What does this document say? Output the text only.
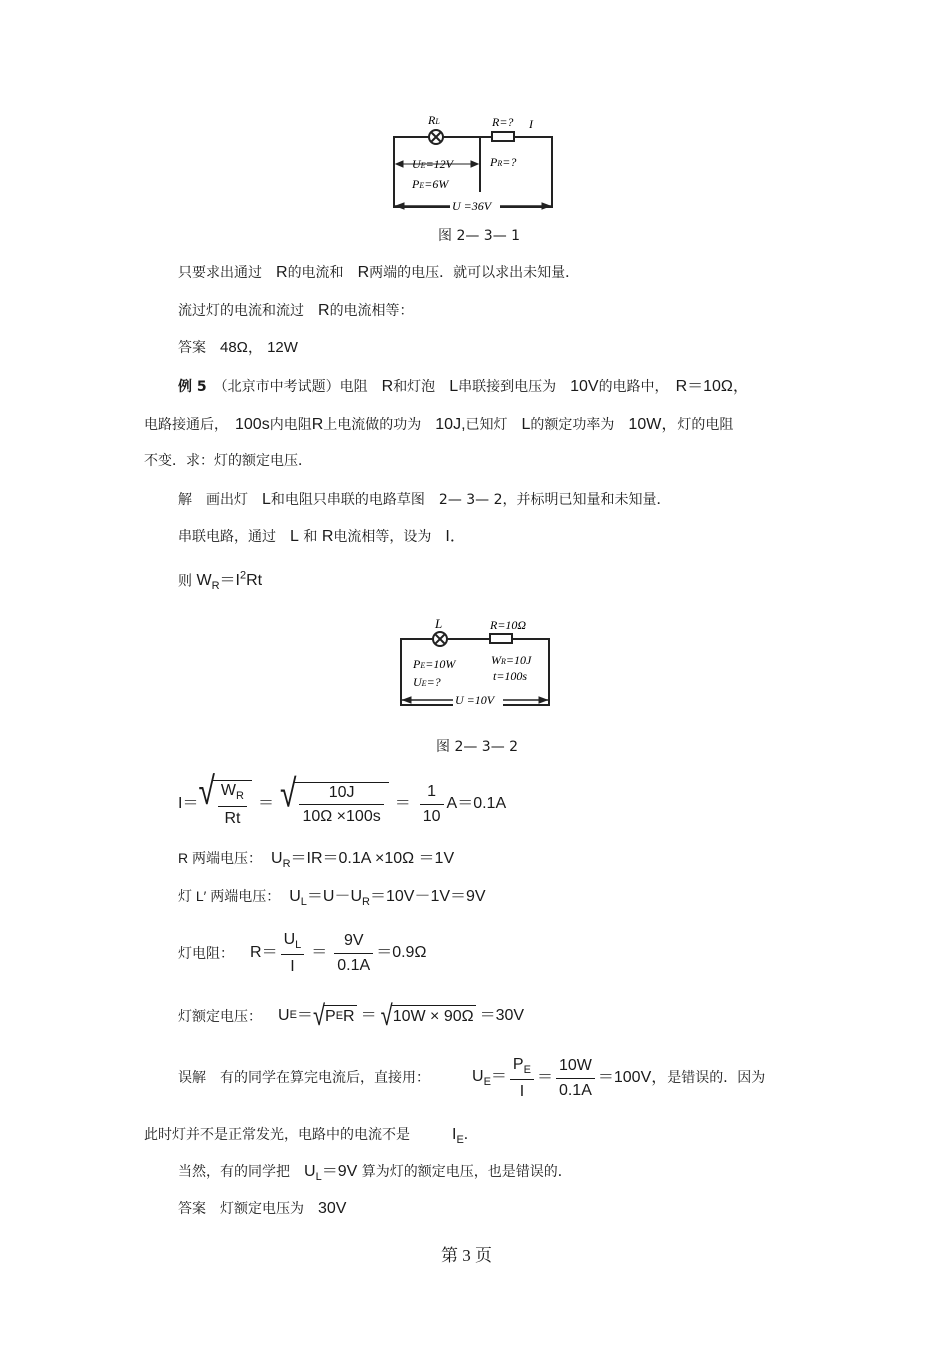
RL	R=? I
UE=12V
PE=6W
PR=?
U =36V
图 2— 3— 1
只要求出通过　 R的电流和　 R两端的电压．就可以求出未知量．
流过灯的电流和流过　 R的电流相等：
答案　 48Ω， 12W
例 5　 （北京市中考试题）电阻　 R和灯泡　 L串联接到电压为　 10V的电路中，　 R＝10Ω，
电路接通后，　 100s内电阻R上电流做的功为　 10J,已知灯　 L的额定功率为　 10W，灯的电阻
不变．求：灯的额定电压．
解　画出灯　 L和电阻只串联的电路草图　 2— 3— 2，并标明已知量和未知量．
串联电路，通过　 L 和 R电流相等，设为　 I．
则 $W_R=I^2Rt$
L	R=10Ω
PE=10W
UE=?
WR=10J
t=100s
U =10V
图 2— 3— 2
I＝ √ $\frac{W_R}{Rt}$ ＝ √ $\frac{10J}{10\Omega \times 100s} = \frac{1}{10} A=0.1A$
R 两端电压：　 $U_R=IR=0.1A \times 10\Omega =1V$
灯 L′ 两端电压：　 $U_L=U-U_R=10V-1V=9V$
灯电阻：
　 $R= \frac{U_L}{I} = \frac{9V}{0.1A} =0.9\Omega$
灯额定电压：
　 U E ＝ √ P E R ＝ √ 10W × 90Ω ＝30V
误解　有的同学在算完电流后，直接用：
　	$U_E= \frac{P_E}{I} = \frac{10W}{0.1A} =100V$， 是错误的．因为
此时灯并不是正常发光，电路中的电流不是　　　	$I_E$．
当然，有的同学把　 $U_L=9V$ 算为灯的额定电压，也是错误的．
答案　 灯额定电压为　 30V
第 3 页
